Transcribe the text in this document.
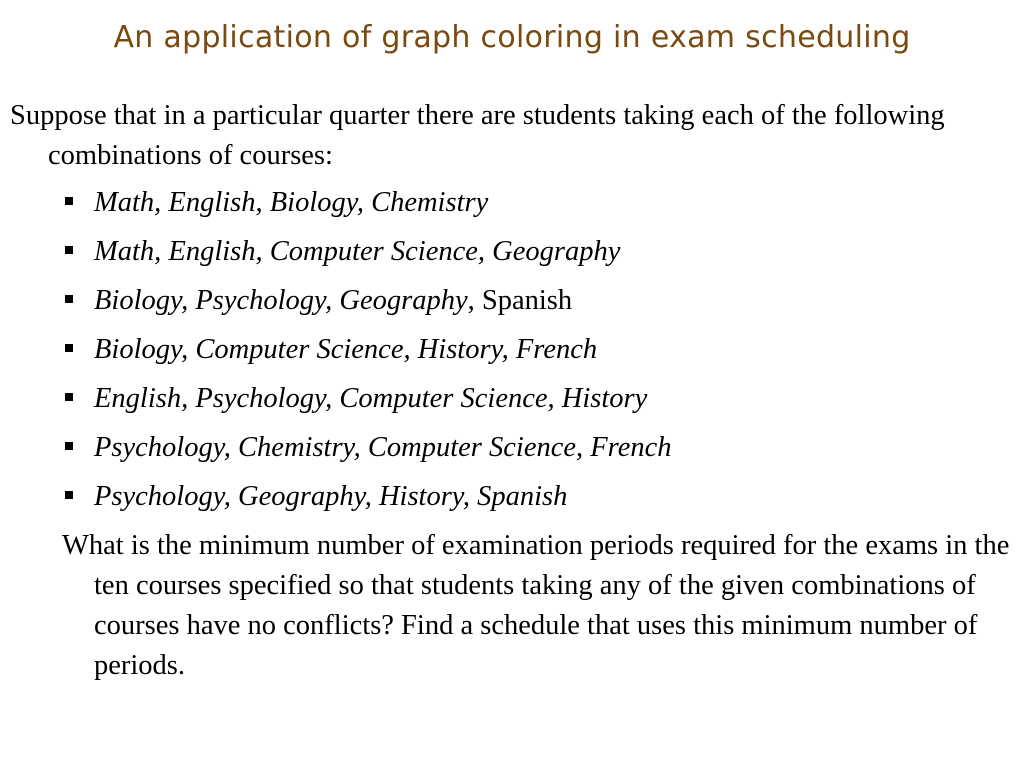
An application of graph coloring in exam scheduling

Suppose that in a particular quarter there are students taking each of the following combinations of courses:

Math, English, Biology, Chemistry
Math, English, Computer Science, Geography
Biology, Psychology, Geography, Spanish
Biology, Computer Science, History, French
English, Psychology, Computer Science, History
Psychology, Chemistry, Computer Science, French
Psychology, Geography, History, Spanish

What is the minimum number of examination periods required for the exams in the ten courses specified so that students taking any of the given combinations of courses have no conflicts? Find a schedule that uses this minimum number of periods.
